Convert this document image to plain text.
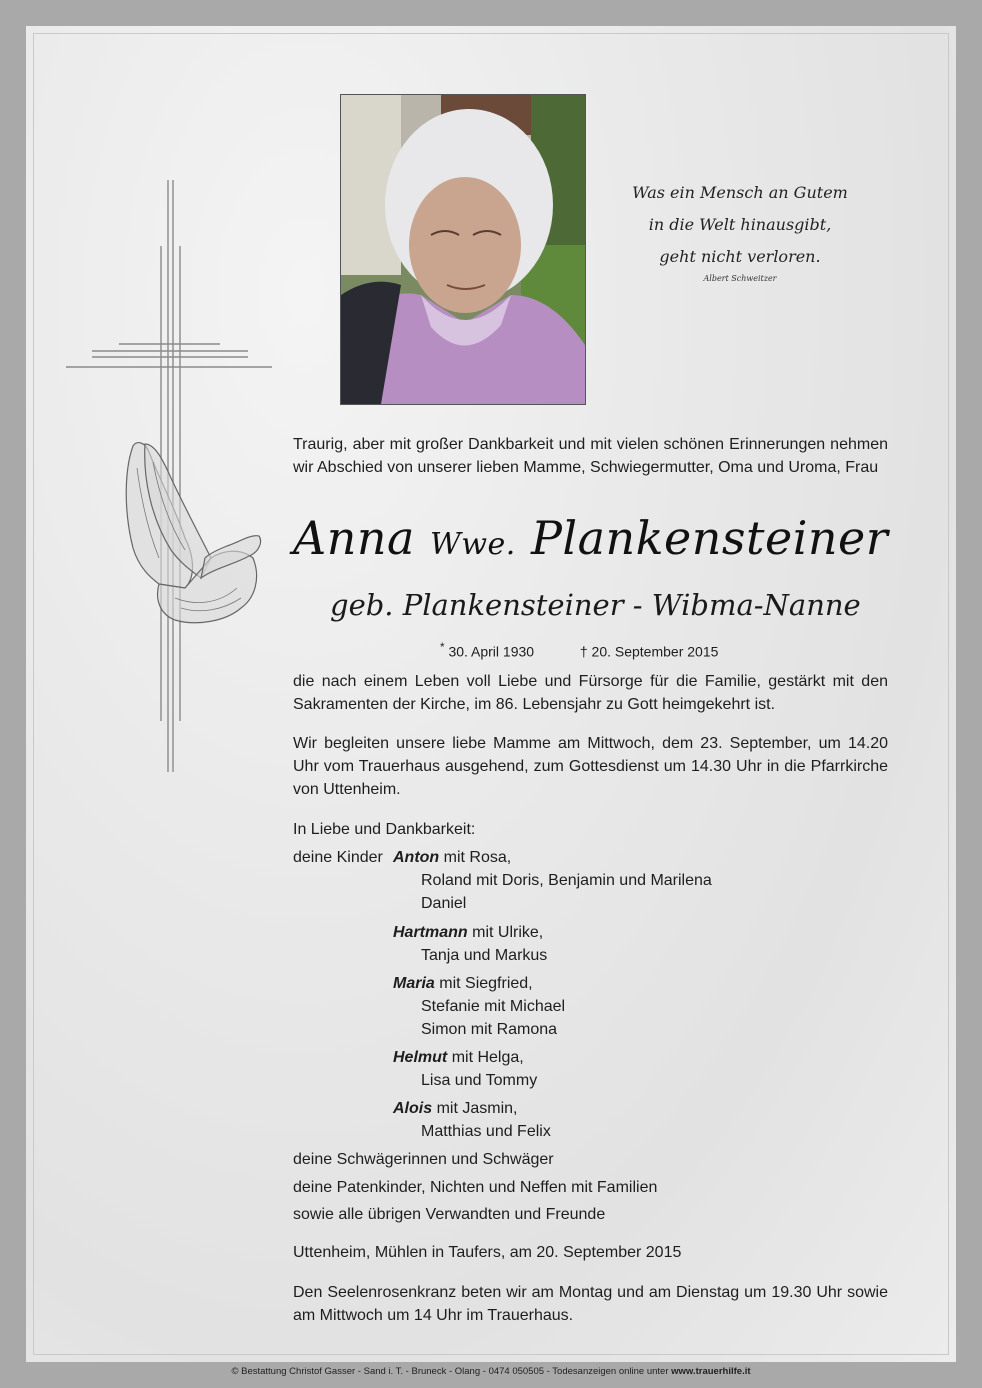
Was ein Mensch an Gutem
in die Welt hinausgibt,
geht nicht verloren.
Albert Schweitzer
Traurig, aber mit großer Dankbarkeit und mit vielen schönen Erinnerungen nehmen wir Abschied von unserer lieben Mamme, Schwiegermutter, Oma und Uroma, Frau
Anna Wwe. Plankensteiner
geb. Plankensteiner - Wibma-Nanne
* 30. April 1930	† 20. September 2015
die nach einem Leben voll Liebe und Fürsorge für die Familie, gestärkt mit den Sakramenten der Kirche, im 86. Lebensjahr zu Gott heimgekehrt ist.
Wir begleiten unsere liebe Mamme am Mittwoch, dem 23. September, um 14.20 Uhr vom Trauerhaus ausgehend, zum Gottesdienst um 14.30 Uhr in die Pfarrkirche von Uttenheim.
In Liebe und Dankbarkeit:
deine Kinder Anton mit Rosa,
Roland mit Doris, Benjamin und Marilena
Daniel
Hartmann mit Ulrike,
Tanja und Markus
Maria mit Siegfried,
Stefanie mit Michael
Simon mit Ramona
Helmut mit Helga,
Lisa und Tommy
Alois mit Jasmin,
Matthias und Felix
deine Schwägerinnen und Schwäger
deine Patenkinder, Nichten und Neffen mit Familien
sowie alle übrigen Verwandten und Freunde
Uttenheim, Mühlen in Taufers, am 20. September 2015
Den Seelenrosenkranz beten wir am Montag und am Dienstag um 19.30 Uhr sowie am Mittwoch um 14 Uhr im Trauerhaus.
© Bestattung Christof Gasser - Sand i. T. - Bruneck - Olang - 0474 050505 - Todesanzeigen online unter www.trauerhilfe.it
